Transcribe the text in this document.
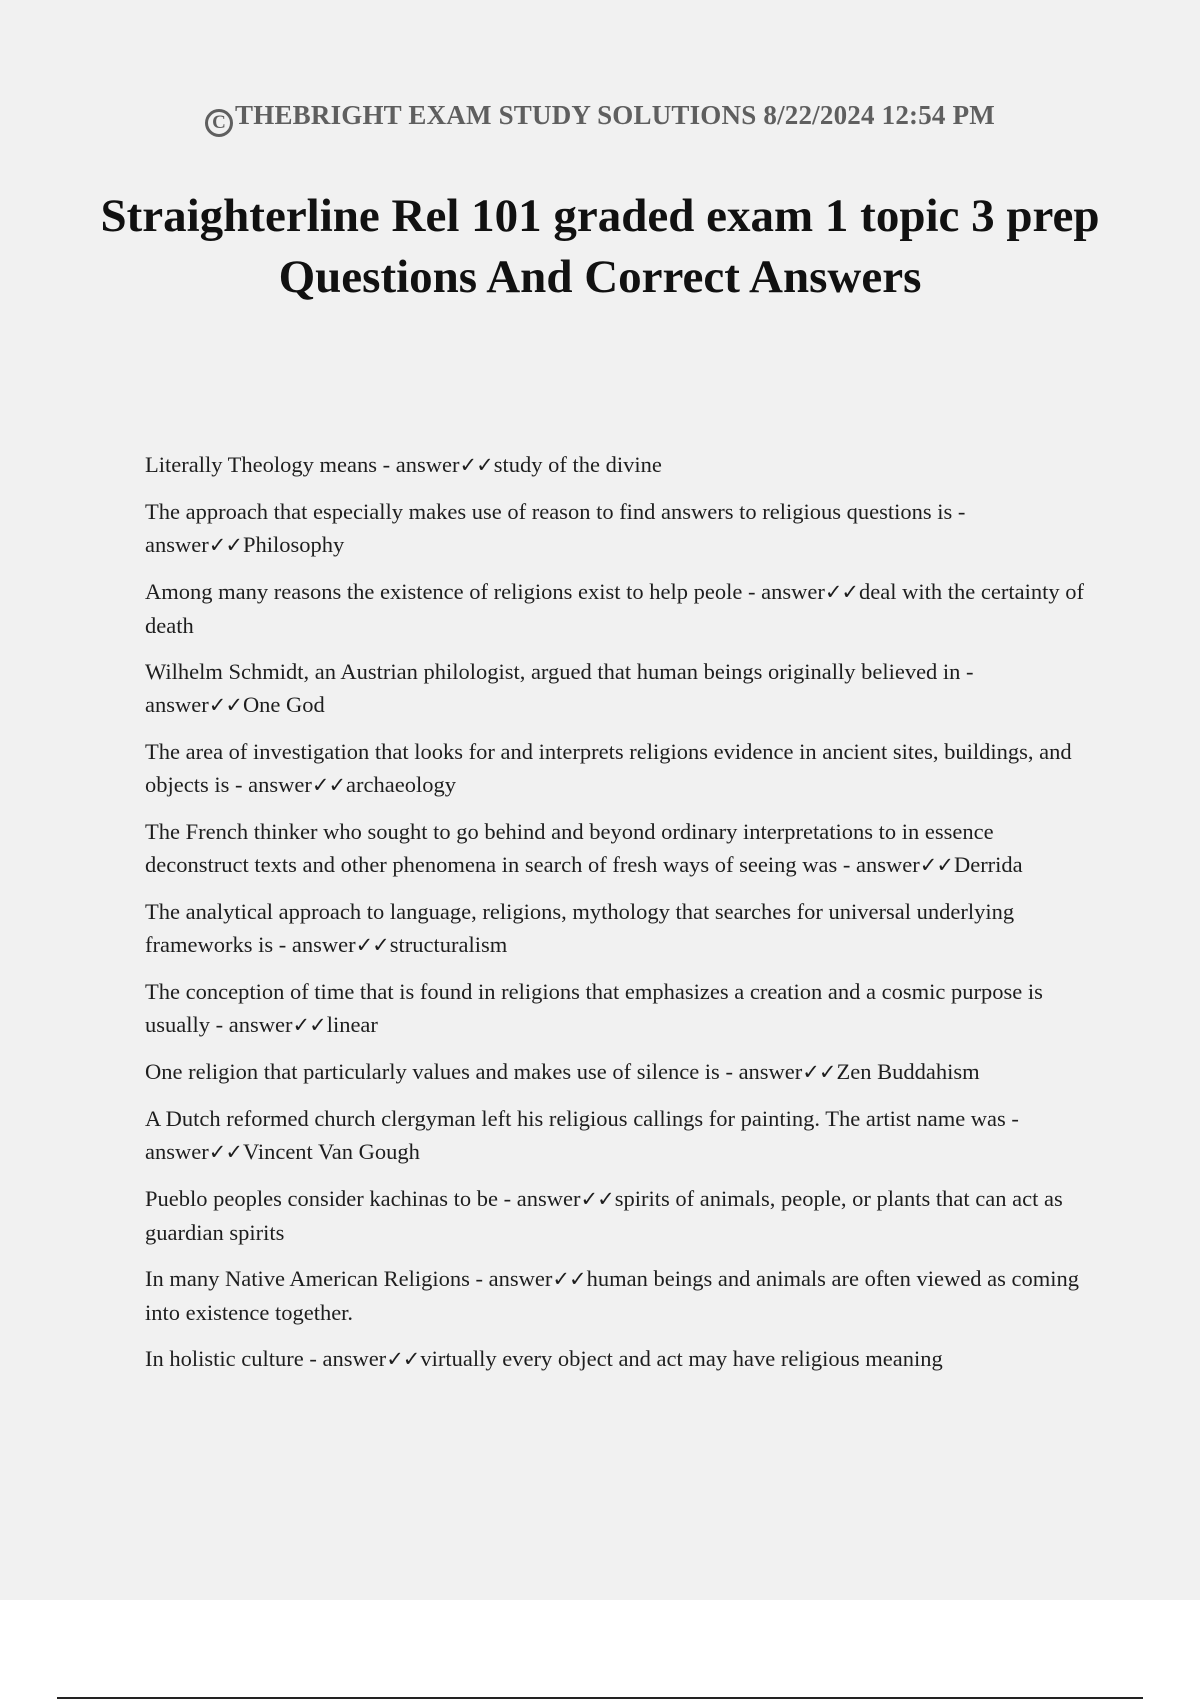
C THEBRIGHT EXAM STUDY SOLUTIONS 8/22/2024 12:54 PM
Straighterline Rel 101 graded exam 1 topic 3 prep Questions And Correct Answers
Literally Theology means - answer✓✓study of the divine
The approach that especially makes use of reason to find answers to religious questions is - answer✓✓Philosophy
Among many reasons the existence of religions exist to help peole - answer✓✓deal with the certainty of death
Wilhelm Schmidt, an Austrian philologist, argued that human beings originally believed in - answer✓✓One God
The area of investigation that looks for and interprets religions evidence in ancient sites, buildings, and objects is - answer✓✓archaeology
The French thinker who sought to go behind and beyond ordinary interpretations to in essence deconstruct texts and other phenomena in search of fresh ways of seeing was - answer✓✓Derrida
The analytical approach to language, religions, mythology that searches for universal underlying frameworks is - answer✓✓structuralism
The conception of time that is found in religions that emphasizes a creation and a cosmic purpose is usually - answer✓✓linear
One religion that particularly values and makes use of silence is - answer✓✓Zen Buddahism
A Dutch reformed church clergyman left his religious callings for painting. The artist name was - answer✓✓Vincent Van Gough
Pueblo peoples consider kachinas to be - answer✓✓spirits of animals, people, or plants that can act as guardian spirits
In many Native American Religions - answer✓✓human beings and animals are often viewed as coming into existence together.
In holistic culture - answer✓✓virtually every object and act may have religious meaning
